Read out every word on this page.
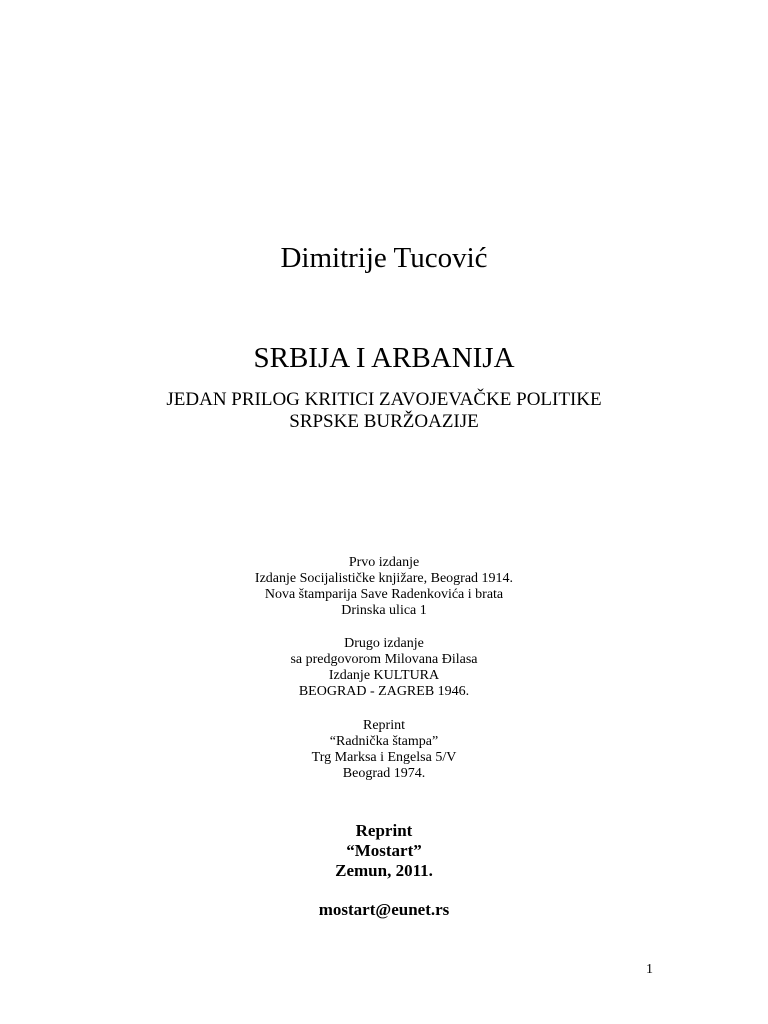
Dimitrije Tucović
SRBIJA I ARBANIJA
JEDAN PRILOG KRITICI ZAVOJEVAČKE POLITIKE
SRPSKE BURŽOAZIJE
Prvo izdanje
Izdanje Socijalističke knjižare, Beograd 1914.
Nova štamparija Save Radenkovića i brata
Drinska ulica 1
Drugo izdanje
sa predgovorom Milovana Đilasa
Izdanje KULTURA
BEOGRAD - ZAGREB 1946.
Reprint
“Radnička štampa”
Trg Marksa i Engelsa 5/V
Beograd 1974.
Reprint
“Mostart”
Zemun, 2011.
mostart@eunet.rs
1
